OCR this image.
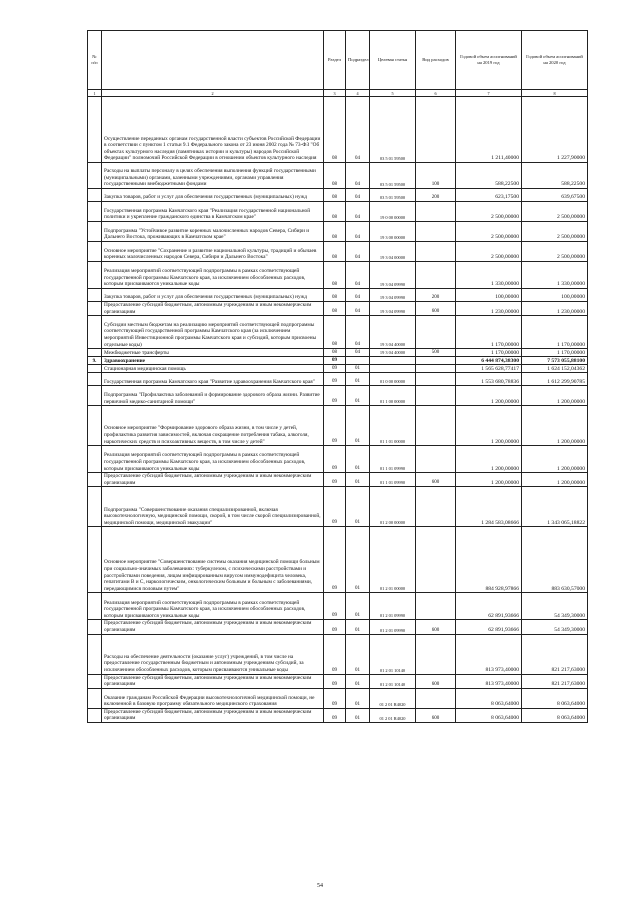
№ п/п		Раздел	Подраздел	Целевая статья	Вид расходов	Годовой объем ассигнований на 2019 год	Годовой объем ассигнований на 2020 год
1	2	3	4	5	6	7	8
	Осуществление переданных органам государственной власти субъектов Российской Федерации в соответствии с пунктом 1 статьи 9.1 Федерального закона от 23 июня 2002 года № 73-ФЗ "Об объектах культурного наследия (памятниках истории и культуры) народов Российской Федерации" полномочий Российской Федерации в отношении объектов культурного наследия	08	04	03 5 01 59500		1 211,40000	1 227,90000
	Расходы на выплаты персоналу в целях обеспечения выполнения функций государственными (муниципальными) органами, казенными учреждениями, органами управления государственными внебюджетными фондами	08	04	03 5 01 59500	100	588,22500	588,22500
	Закупка товаров, работ и услуг для обеспечения государственных (муниципальных) нужд	08	04	03 5 01 59500	200	623,17500	639,67500
	Государственная программа Камчатского края "Реализация государственной национальной политики и укрепление гражданского единства в Камчатском крае"	08	04	19 0 00 00000		2 500,00000	2 500,00000
	Подпрограмма "Устойчивое развитие коренных малочисленных народов Севера, Сибири и Дальнего Востока, проживающих в Камчатском крае"	08	04	19 3 00 00000		2 500,00000	2 500,00000
	Основное мероприятие "Сохранение и развитие национальной культуры, традиций и обычаев коренных малочисленных народов Севера, Сибири и Дальнего Востока"	08	04	19 3 04 00000		2 500,00000	2 500,00000
	Реализация мероприятий соответствующей подпрограммы в рамках соответствующей государственной программы Камчатского края, за исключением обособленных расходов, которым присваиваются уникальные коды	08	04	19 3 04 09990		1 330,00000	1 330,00000
	Закупка товаров, работ и услуг для обеспечения государственных (муниципальных) нужд	08	04	19 3 04 09990	200	100,00000	100,00000
	Предоставление субсидий бюджетным, автономным учреждениям и иным некоммерческим организациям	08	04	19 3 04 09990	600	1 230,00000	1 230,00000
	Субсидии местным бюджетам на реализацию мероприятий соответствующей подпрограммы соответствующей государственной программы Камчатского края (за исключением мероприятий Инвестиционной программы Камчатского края и субсидий, которым присвоены отдельные коды)	08	04	19 3 04 40000		1 170,00000	1 170,00000
	Межбюджетные трансферты	08	04	19 3 04 40000	500	1 170,00000	1 170,00000
9.	Здравоохранение	09				6 444 874,38300	7 573 055,88100
	Стационарная медицинская помощь	09	01			1 565 628,77417	1 624 152,04362
	Государственная программа Камчатского края "Развитие здравоохранения Камчатского края"	09	01	01 0 00 00000		1 553 680,78836	1 612 299,90785
	Подпрограмма "Профилактика заболеваний и формирование здорового образа жизни. Развитие первичной медико-санитарной помощи"	09	01	01 1 00 00000		1 200,00000	1 200,00000
	Основное мероприятие "Формирование здорового образа жизни, в том числе у детей, профилактика развития зависимостей, включая сокращение потребления табака, алкоголя, наркотических средств и психоактивных веществ, в том числе у детей"	09	01	01 1 01 00000		1 200,00000	1 200,00000
	Реализация мероприятий соответствующей подпрограммы в рамках соответствующей государственной программы Камчатского края, за исключением обособленных расходов, которым присваиваются уникальные коды	09	01	01 1 01 09990		1 200,00000	1 200,00000
	Предоставление субсидий бюджетным, автономным учреждениям и иным некоммерческим организациям	09	01	01 1 01 09990	600	1 200,00000	1 200,00000
	Подпрограмма "Совершенствование оказания специализированной, включая высокотехнологичную, медицинской помощи, скорой, в том числе скорой специализированной, медицинской помощи, медицинской эвакуации"	09	01	01 2 00 00000		1 284 583,08666	1 343 065,18822
	Основное мероприятие "Совершенствование системы оказания медицинской помощи больным при социально-значимых заболеваниях: туберкулезом, с психическими расстройствами и расстройствами поведения, лицам инфицированным вирусом иммунодефицита человека, гепатитами B и C, наркологическим, онкологическим больным и больным с заболеваниями, передающимися половым путем"	09	01	01 2 01 00000		884 928,97866	883 630,57000
	Реализация мероприятий соответствующей подпрограммы в рамках соответствующей государственной программы Камчатского края, за исключением обособленных расходов, которым присваиваются уникальные коды	09	01	01 2 01 09990		62 891,93666	54 349,30000
	Предоставление субсидий бюджетным, автономным учреждениям и иным некоммерческим организациям	09	01	01 2 01 09990	600	62 891,93666	54 349,30000
	Расходы на обеспечение деятельности (оказание услуг) учреждений, в том числе на предоставление государственным бюджетным и автономным учреждениям субсидий, за исключением обособленных расходов, которым присваиваются уникальные коды	09	01	01 2 01 10140		813 973,40000	821 217,63000
	Предоставление субсидий бюджетным, автономным учреждениям и иным некоммерческим организациям	09	01	01 2 01 10140	600	813 973,40000	821 217,63000
	Оказание гражданам Российской Федерации высокотехнологичной медицинской помощи, не включенной в базовую программу обязательного медицинского страхования	09	01	01 2 01 R4020		8 063,64000	8 063,64000
	Предоставление субсидий бюджетным, автономным учреждениям и иным некоммерческим организациям	09	01	01 2 01 R4020	600	8 063,64000	8 063,64000
54
